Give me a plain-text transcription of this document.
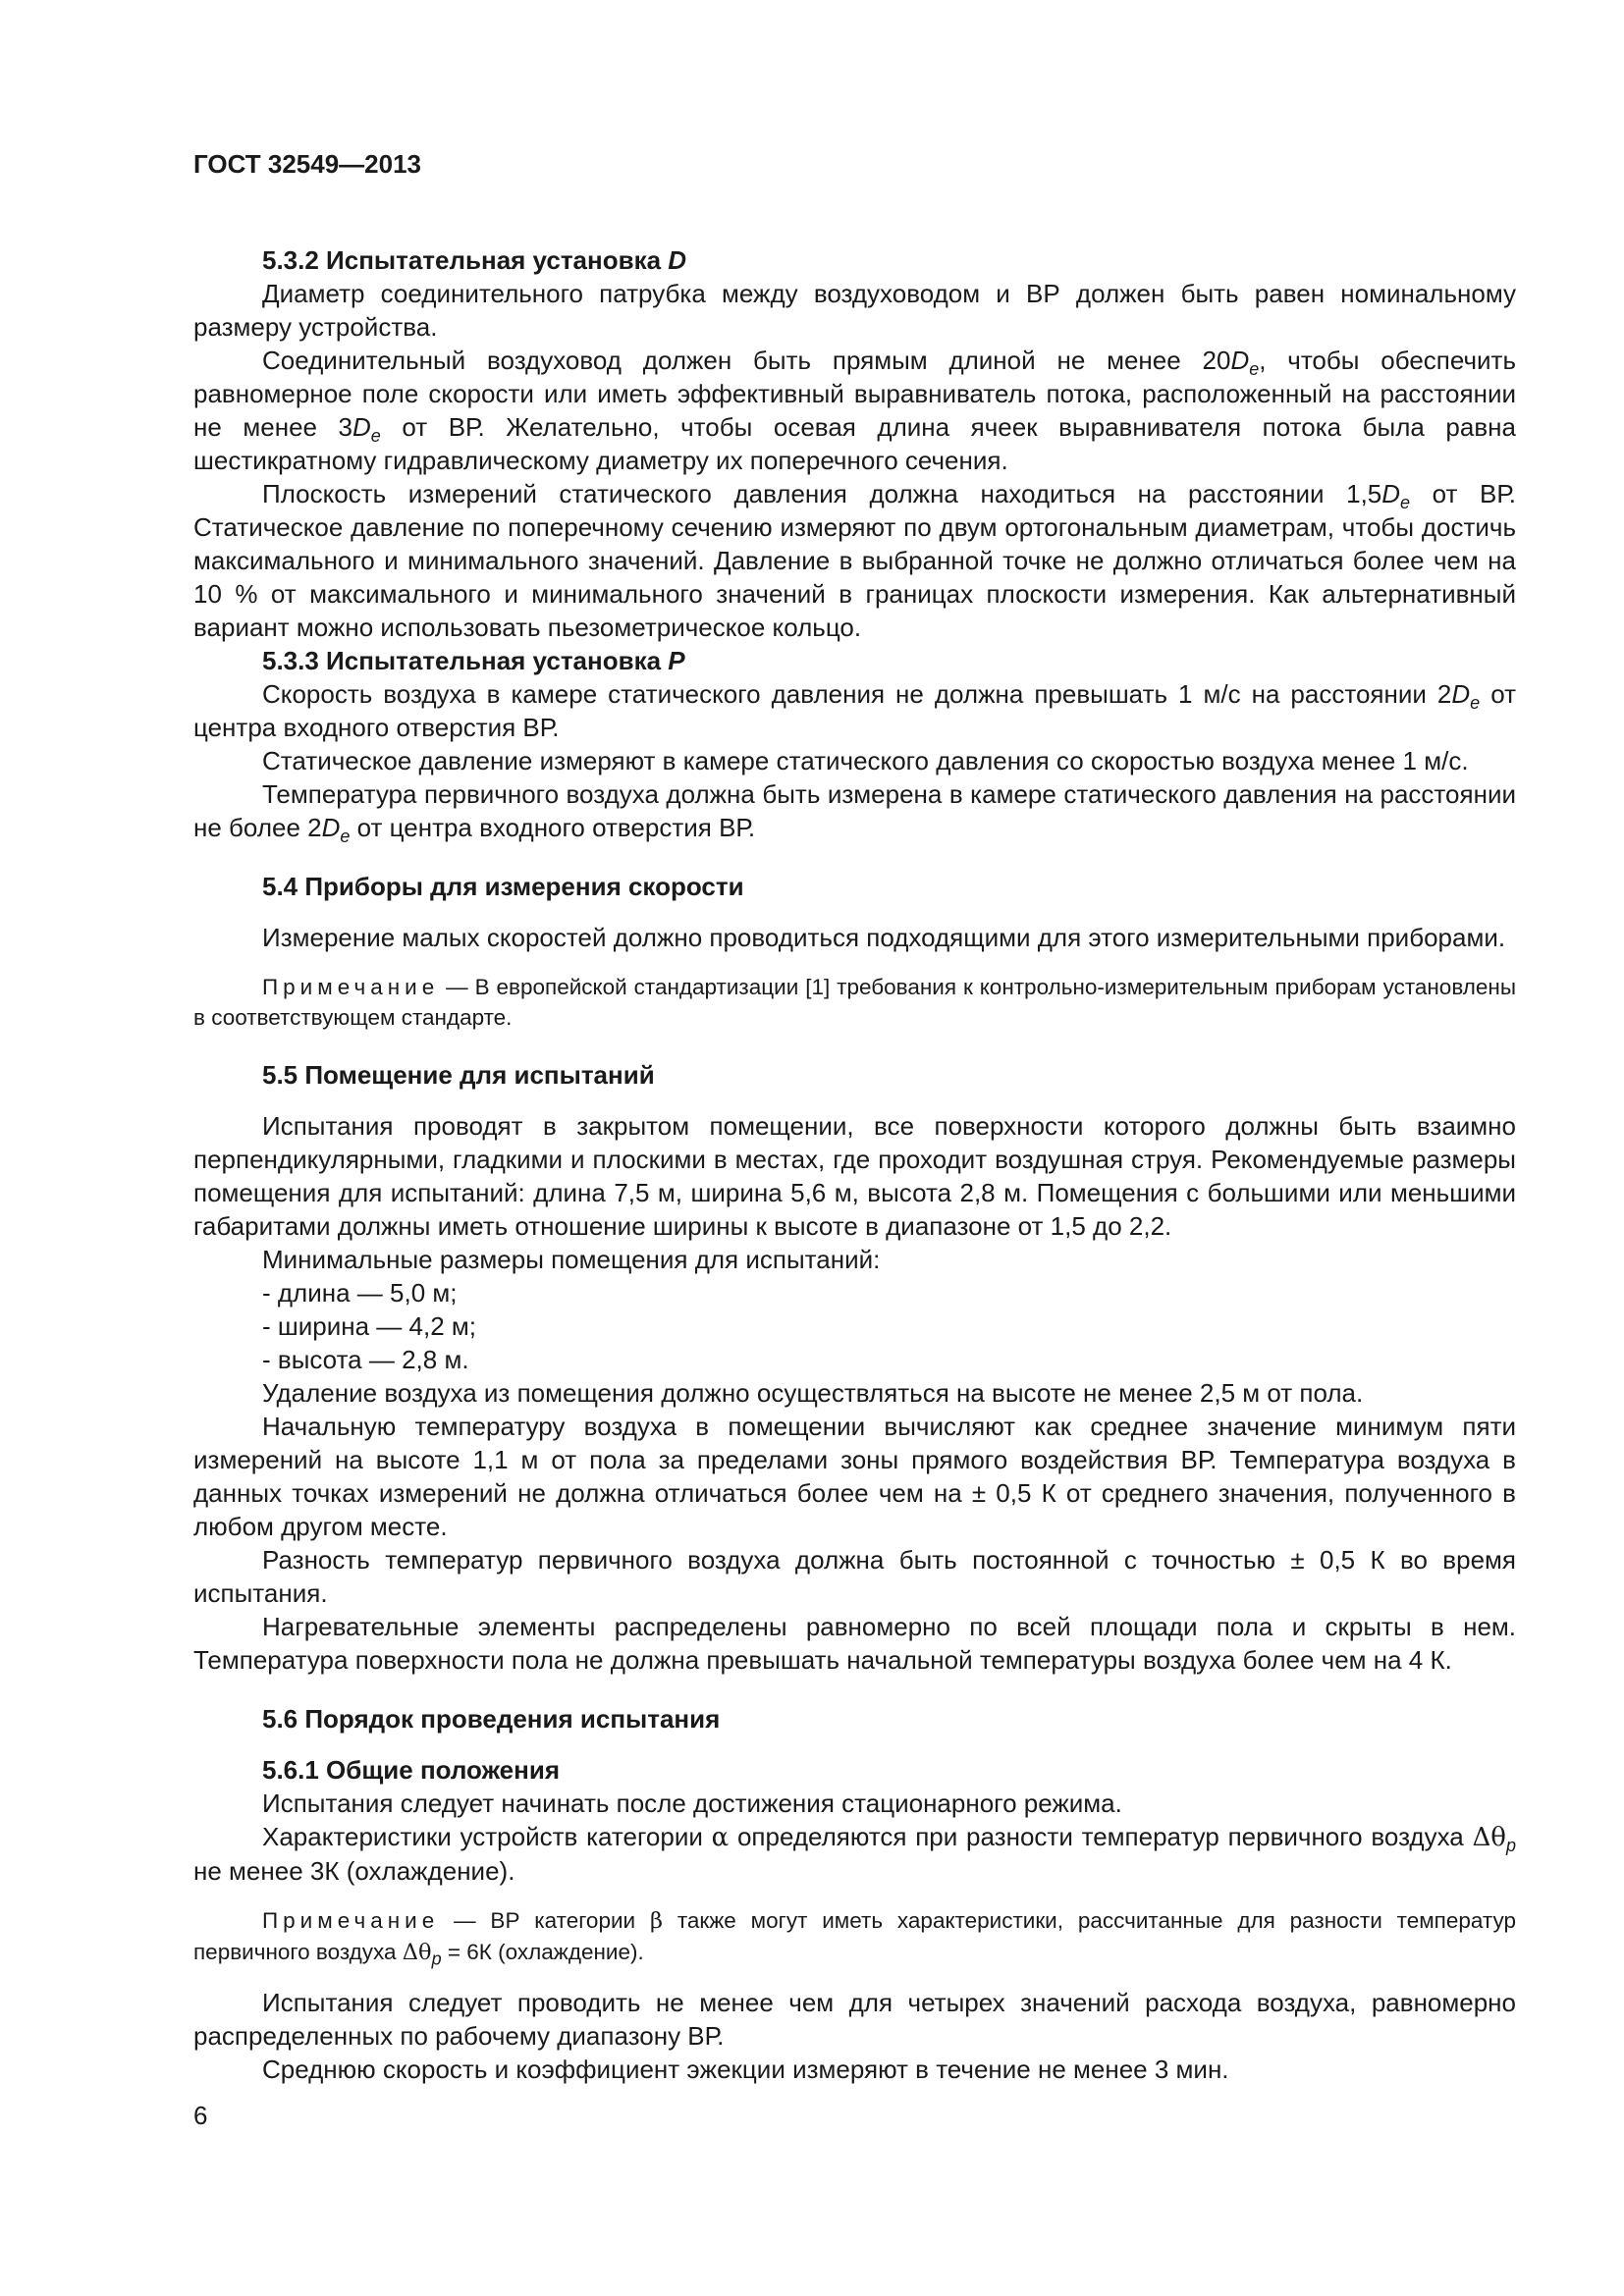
ГОСТ 32549—2013
5.3.2 Испытательная установка D

Диаметр соединительного патрубка между воздуховодом и ВР должен быть равен номинальному размеру устройства.

Соединительный воздуховод должен быть прямым длиной не менее $20D_e$, чтобы обеспечить равномерное поле скорости или иметь эффективный выравниватель потока, расположенный на расстоянии не менее $3D_e$ от ВР. Желательно, чтобы осевая длина ячеек выравнивателя потока была равна шестикратному гидравлическому диаметру их поперечного сечения.

Плоскость измерений статического давления должна находиться на расстоянии $1,5D_e$ от ВР. Статическое давление по поперечному сечению измеряют по двум ортогональным диаметрам, чтобы достичь максимального и минимального значений. Давление в выбранной точке не должно отличаться более чем на 10 % от максимального и минимального значений в границах плоскости измерения. Как альтернативный вариант можно использовать пьезометрическое кольцо.

5.3.3 Испытательная установка P

Скорость воздуха в камере статического давления не должна превышать 1 м/с на расстоянии $2D_e$ от центра входного отверстия ВР.

Статическое давление измеряют в камере статического давления со скоростью воздуха менее 1 м/с.

Температура первичного воздуха должна быть измерена в камере статического давления на расстоянии не более $2D_e$ от центра входного отверстия ВР.

5.4 Приборы для измерения скорости

Измерение малых скоростей должно проводиться подходящими для этого измерительными приборами.

Примечание — В европейской стандартизации [1] требования к контрольно-измерительным приборам установлены в соответствующем стандарте.

5.5 Помещение для испытаний

Испытания проводят в закрытом помещении, все поверхности которого должны быть взаимно перпендикулярными, гладкими и плоскими в местах, где проходит воздушная струя. Рекомендуемые размеры помещения для испытаний: длина 7,5 м, ширина 5,6 м, высота 2,8 м. Помещения с большими или меньшими габаритами должны иметь отношение ширины к высоте в диапазоне от 1,5 до 2,2.

Минимальные размеры помещения для испытаний:

- длина — 5,0 м;

- ширина — 4,2 м;

- высота — 2,8 м.

Удаление воздуха из помещения должно осуществляться на высоте не менее 2,5 м от пола.

Начальную температуру воздуха в помещении вычисляют как среднее значение минимум пяти измерений на высоте 1,1 м от пола за пределами зоны прямого воздействия ВР. Температура воздуха в данных точках измерений не должна отличаться более чем на ± 0,5 К от среднего значения, полученного в любом другом месте.

Разность температур первичного воздуха должна быть постоянной с точностью ± 0,5 К во время испытания.

Нагревательные элементы распределены равномерно по всей площади пола и скрыты в нем. Температура поверхности пола не должна превышать начальной температуры воздуха более чем на 4 К.

5.6 Порядок проведения испытания
5.6.1 Общие положения

Испытания следует начинать после достижения стационарного режима.

Характеристики устройств категории α определяются при разности температур первичного воздуха $\Delta\theta_p$ не менее 3К (охлаждение).

Примечание — ВР категории β также могут иметь характеристики, рассчитанные для разности температур первичного воздуха $\Delta\theta_p = 6К$ (охлаждение).

Испытания следует проводить не менее чем для четырех значений расхода воздуха, равномерно распределенных по рабочему диапазону ВР.

Среднюю скорость и коэффициент эжекции измеряют в течение не менее 3 мин.

6
